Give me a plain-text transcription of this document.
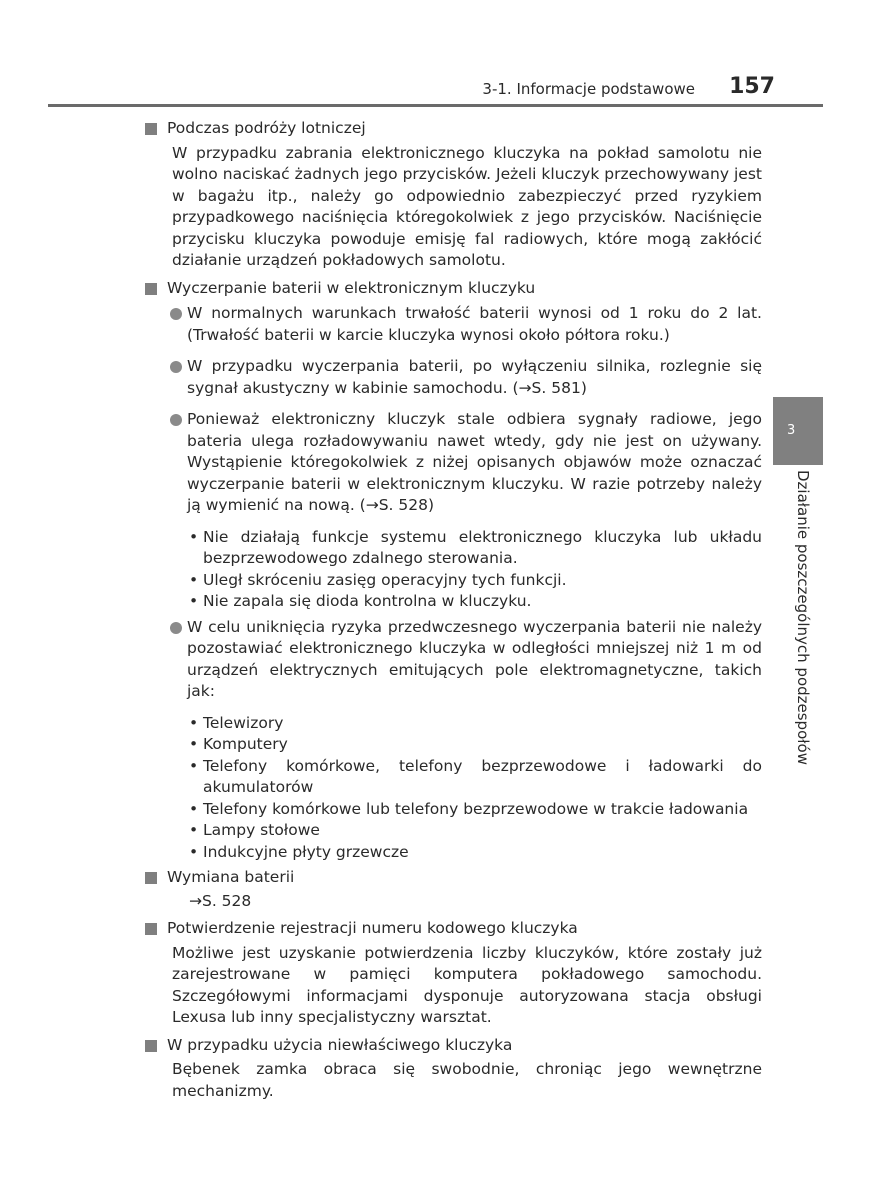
3-1. Informacje podstawowe 157
3
Działanie poszczególnych podzespołów
Podczas podróży lotniczej
W przypadku zabrania elektronicznego kluczyka na pokład samolotu nie wolno naciskać żadnych jego przycisków. Jeżeli kluczyk przechowywany jest w bagażu itp., należy go odpowiednio zabezpieczyć przed ryzykiem przypadkowego naciśnięcia któregokolwiek z jego przycisków. Naciśnięcie przycisku kluczyka powoduje emisję fal radiowych, które mogą zakłócić działanie urządzeń pokładowych samolotu.
Wyczerpanie baterii w elektronicznym kluczyku
W normalnych warunkach trwałość baterii wynosi od 1 roku do 2 lat. (Trwałość baterii w karcie kluczyka wynosi około półtora roku.)
W przypadku wyczerpania baterii, po wyłączeniu silnika, rozlegnie się sygnał akustyczny w kabinie samochodu. (→S. 581)
Ponieważ elektroniczny kluczyk stale odbiera sygnały radiowe, jego bateria ulega rozładowywaniu nawet wtedy, gdy nie jest on używany. Wystąpienie któregokolwiek z niżej opisanych objawów może oznaczać wyczerpanie baterii w elektronicznym kluczyku. W razie potrzeby należy ją wymienić na nową. (→S. 528)
• Nie działają funkcje systemu elektronicznego kluczyka lub układu bezprzewodowego zdalnego sterowania.
• Uległ skróceniu zasięg operacyjny tych funkcji.
• Nie zapala się dioda kontrolna w kluczyku.
W celu uniknięcia ryzyka przedwczesnego wyczerpania baterii nie należy pozostawiać elektronicznego kluczyka w odległości mniejszej niż 1 m od urządzeń elektrycznych emitujących pole elektromagnetyczne, takich jak:
• Telewizory
• Komputery
• Telefony komórkowe, telefony bezprzewodowe i ładowarki do akumulatorów
• Telefony komórkowe lub telefony bezprzewodowe w trakcie ładowania
• Lampy stołowe
• Indukcyjne płyty grzewcze
Wymiana baterii
→S. 528
Potwierdzenie rejestracji numeru kodowego kluczyka
Możliwe jest uzyskanie potwierdzenia liczby kluczyków, które zostały już zarejestrowane w pamięci komputera pokładowego samochodu. Szczegółowymi informacjami dysponuje autoryzowana stacja obsługi Lexusa lub inny specjalistyczny warsztat.
W przypadku użycia niewłaściwego kluczyka
Bębenek zamka obraca się swobodnie, chroniąc jego wewnętrzne mechanizmy.
